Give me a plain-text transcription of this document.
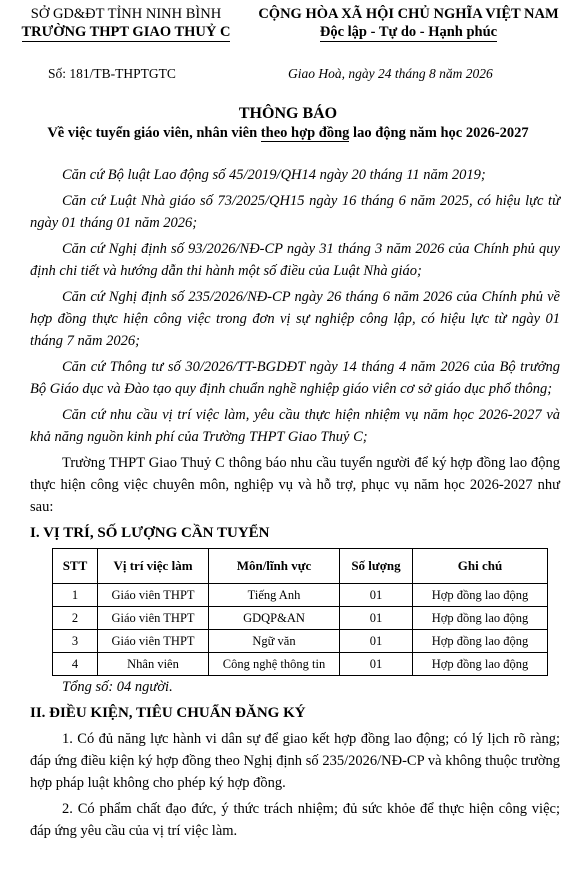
SỞ GD&ĐT TỈNH NINH BÌNH
TRƯỜNG THPT GIAO THUỶ C
CỘNG HÒA XÃ HỘI CHỦ NGHĨA VIỆT NAM
Độc lập - Tự do - Hạnh phúc
Số: 181/TB-THPTGTC	Giao Hoà, ngày 24 tháng 8 năm 2026
THÔNG BÁO
Về việc tuyển giáo viên, nhân viên theo hợp đồng lao động năm học 2026-2027

Căn cứ Bộ luật Lao động số 45/2019/QH14 ngày 20 tháng 11 năm 2019;

Căn cứ Luật Nhà giáo số 73/2025/QH15 ngày 16 tháng 6 năm 2025, có hiệu lực từ ngày 01 tháng 01 năm 2026;

Căn cứ Nghị định số 93/2026/NĐ-CP ngày 31 tháng 3 năm 2026 của Chính phủ quy định chi tiết và hướng dẫn thi hành một số điều của Luật Nhà giáo;

Căn cứ Nghị định số 235/2026/NĐ-CP ngày 26 tháng 6 năm 2026 của Chính phủ về hợp đồng thực hiện công việc trong đơn vị sự nghiệp công lập, có hiệu lực từ ngày 01 tháng 7 năm 2026;

Căn cứ Thông tư số 30/2026/TT-BGDĐT ngày 14 tháng 4 năm 2026 của Bộ trưởng Bộ Giáo dục và Đào tạo quy định chuẩn nghề nghiệp giáo viên cơ sở giáo dục phổ thông;

Căn cứ nhu cầu vị trí việc làm, yêu cầu thực hiện nhiệm vụ năm học 2026-2027 và khả năng nguồn kinh phí của Trường THPT Giao Thuỷ C;

Trường THPT Giao Thuỷ C thông báo nhu cầu tuyển người để ký hợp đồng lao động thực hiện công việc chuyên môn, nghiệp vụ và hỗ trợ, phục vụ năm học 2026-2027 như sau:

I. VỊ TRÍ, SỐ LƯỢNG CẦN TUYỂN
STT	Vị trí việc làm	Môn/lĩnh vực	Số lượng	Ghi chú
1	Giáo viên THPT	Tiếng Anh	01	Hợp đồng lao động
2	Giáo viên THPT	GDQP&AN	01	Hợp đồng lao động
3	Giáo viên THPT	Ngữ văn	01	Hợp đồng lao động
4	Nhân viên	Công nghệ thông tin	01	Hợp đồng lao động
Tổng số: 04 người.
II. ĐIỀU KIỆN, TIÊU CHUẨN ĐĂNG KÝ

1. Có đủ năng lực hành vi dân sự để giao kết hợp đồng lao động; có lý lịch rõ ràng; đáp ứng điều kiện ký hợp đồng theo Nghị định số 235/2026/NĐ-CP và không thuộc trường hợp pháp luật không cho phép ký hợp đồng.

2. Có phẩm chất đạo đức, ý thức trách nhiệm; đủ sức khỏe để thực hiện công việc; đáp ứng yêu cầu của vị trí việc làm.
